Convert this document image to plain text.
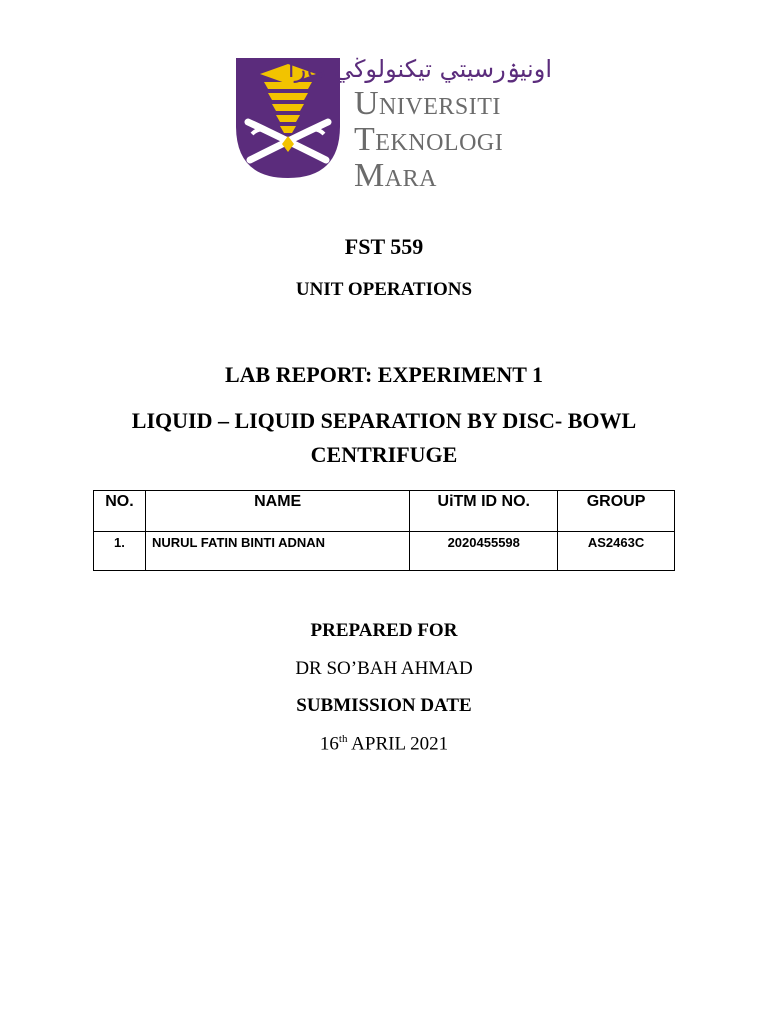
اونيۏرسيتي تيكنولوڬي مارا
Universiti
Teknologi
Mara
FST 559
UNIT OPERATIONS
LAB REPORT: EXPERIMENT 1
LIQUID – LIQUID SEPARATION BY DISC- BOWL
CENTRIFUGE
NO.	NAME	UiTM ID NO.	GROUP
1.	NURUL FATIN BINTI ADNAN	2020455598	AS2463C
PREPARED FOR
DR SO’BAH AHMAD
SUBMISSION DATE
16th APRIL 2021
